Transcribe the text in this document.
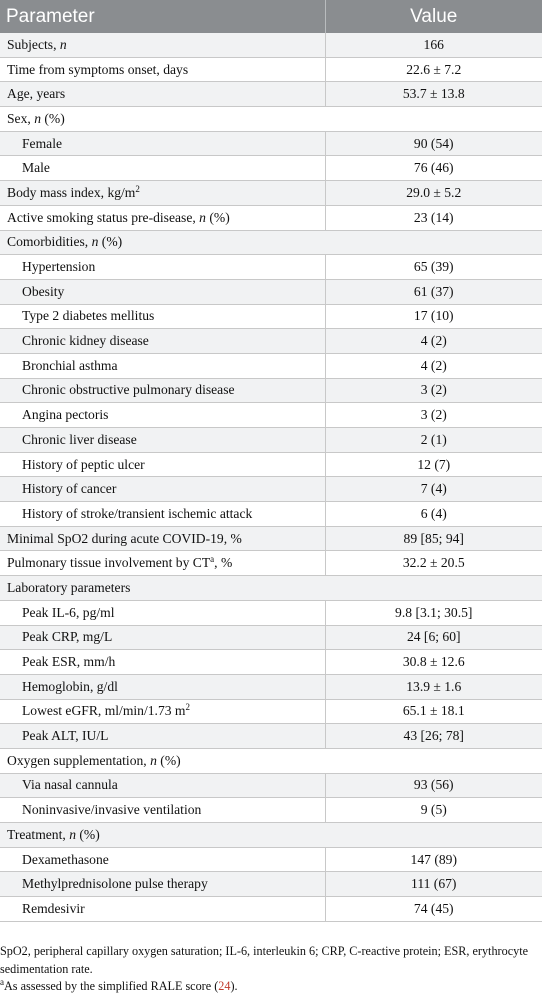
Parameter	Value
Subjects, n	166
Time from symptoms onset, days	22.6 ± 7.2
Age, years	53.7 ± 13.8
Sex, n (%)	
Female	90 (54)
Male	76 (46)
Body mass index, $kg/m^2$	29.0 ± 5.2
Active smoking status pre-disease, n (%)	23 (14)
Comorbidities, n (%)	
Hypertension	65 (39)
Obesity	61 (37)
Type 2 diabetes mellitus	17 (10)
Chronic kidney disease	4 (2)
Bronchial asthma	4 (2)
Chronic obstructive pulmonary disease	3 (2)
Angina pectoris	3 (2)
Chronic liver disease	2 (1)
History of peptic ulcer	12 (7)
History of cancer	7 (4)
History of stroke/transient ischemic attack	6 (4)
Minimal SpO2 during acute COVID-19, %	89 [85; 94]
Pulmonary tissue involvement by $CT^a$, %	32.2 ± 20.5
Laboratory parameters	
Peak IL-6, pg/ml	9.8 [3.1; 30.5]
Peak CRP, mg/L	24 [6; 60]
Peak ESR, mm/h	30.8 ± 12.6
Hemoglobin, g/dl	13.9 ± 1.6
Lowest eGFR, ml/min/1.73 $m^2$	65.1 ± 18.1
Peak ALT, IU/L	43 [26; 78]
Oxygen supplementation, n (%)	
Via nasal cannula	93 (56)
Noninvasive/invasive ventilation	9 (5)
Treatment, n (%)	
Dexamethasone	147 (89)
Methylprednisolone pulse therapy	111 (67)
Remdesivir	74 (45)

SpO2, peripheral capillary oxygen saturation; IL-6, interleukin 6; CRP, C-reactive protein; ESR, erythrocyte sedimentation rate.

$^a$As assessed by the simplified RALE score (24).
